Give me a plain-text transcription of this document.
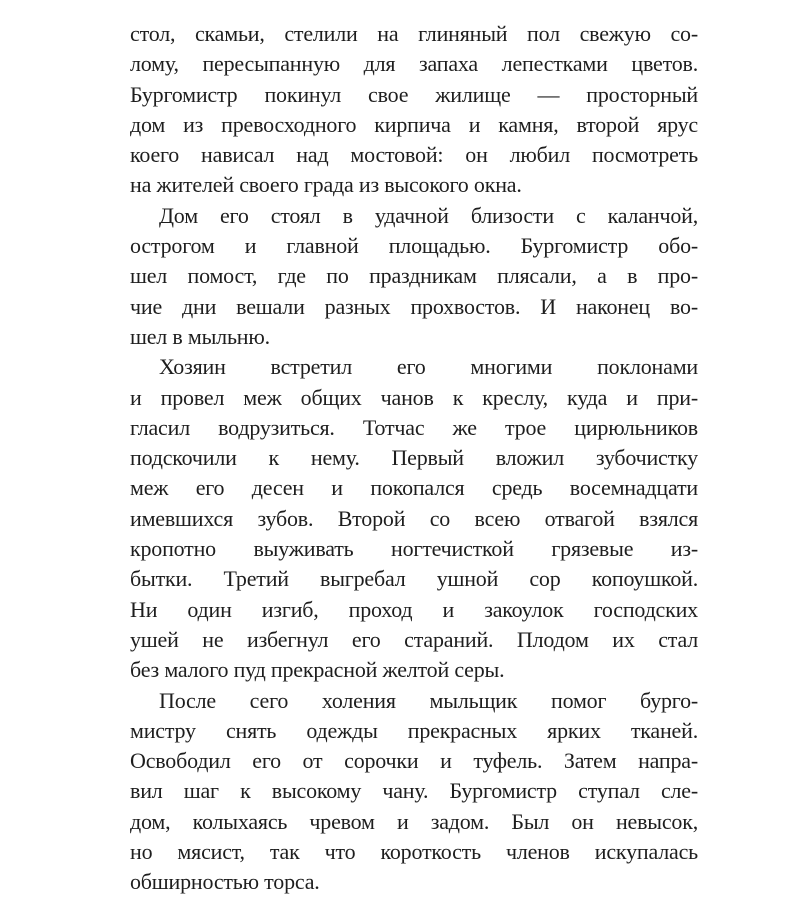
стол, скамьи, стелили на глиняный пол свежую со-
лому, пересыпанную для запаха лепестками цветов.
Бургомистр покинул свое жилище — просторный
дом из превосходного кирпича и камня, второй ярус
коего нависал над мостовой: он любил посмотреть
на жителей своего града из высокого окна.
Дом его стоял в удачной близости с каланчой,
острогом и главной площадью. Бургомистр обо-
шел помост, где по праздникам плясали, а в про-
чие дни вешали разных прохвостов. И наконец во-
шел в мыльню.
Хозяин встретил его многими поклонами
и провел меж общих чанов к креслу, куда и при-
гласил водрузиться. Тотчас же трое цирюльников
подскочили к нему. Первый вложил зубочистку
меж его десен и покопался средь восемнадцати
имевшихся зубов. Второй со всею отвагой взялся
кропотно выуживать ногтечисткой грязевые из-
бытки. Третий выгребал ушной сор копоушкой.
Ни один изгиб, проход и закоулок господских
ушей не избегнул его стараний. Плодом их стал
без малого пуд прекрасной желтой серы.
После сего холения мыльщик помог бурго-
мистру снять одежды прекрасных ярких тканей.
Освободил его от сорочки и туфель. Затем напра-
вил шаг к высокому чану. Бургомистр ступал сле-
дом, колыхаясь чревом и задом. Был он невысок,
но мясист, так что короткость членов искупалась
обширностью торса.
